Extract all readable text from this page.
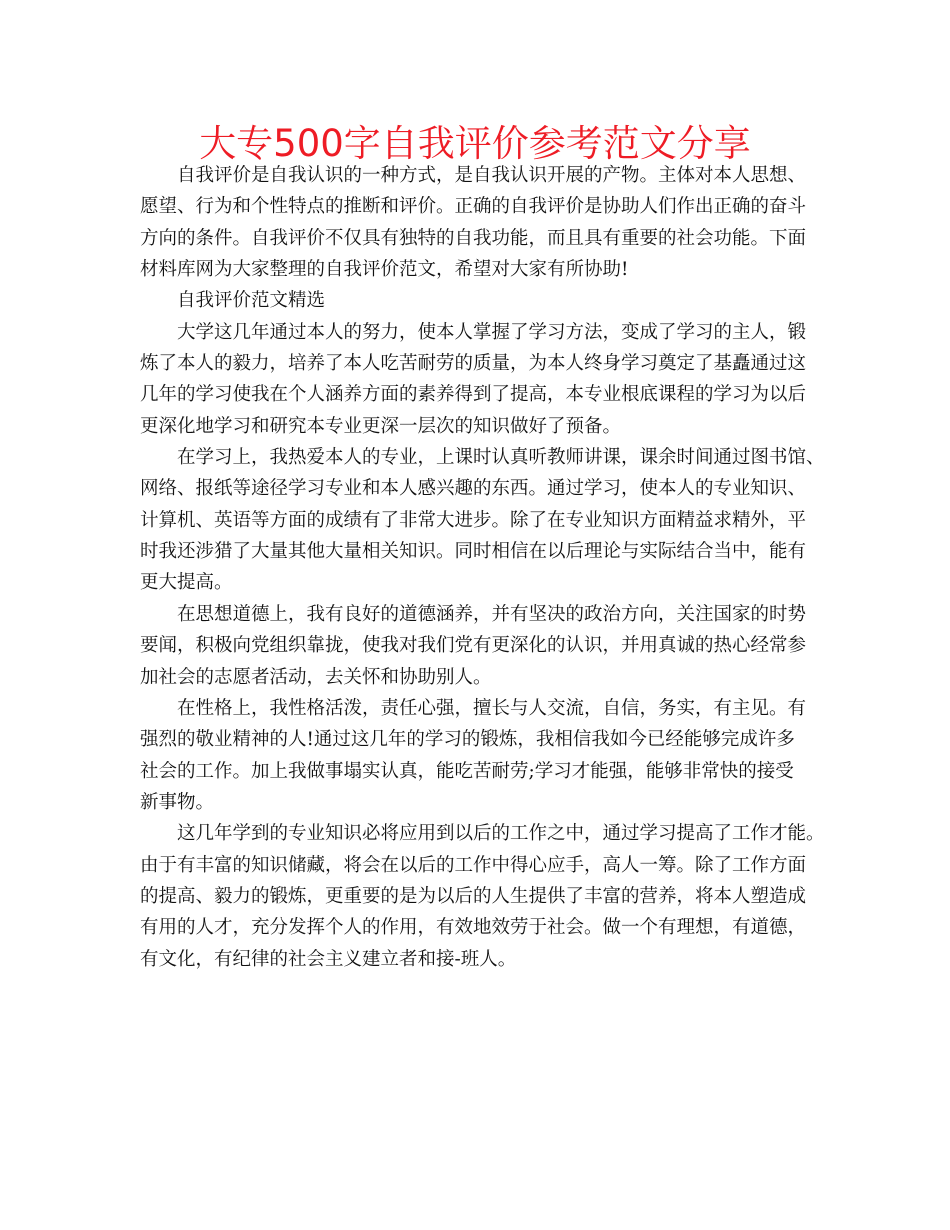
大专500字自我评价参考范文分享
自我评价是自我认识的一种方式，是自我认识开展的产物。主体对本人思想、
愿望、行为和个性特点的推断和评价。正确的自我评价是协助人们作出正确的奋斗
方向的条件。自我评价不仅具有独特的自我功能，而且具有重要的社会功能。下面
材料库网为大家整理的自我评价范文，希望对大家有所协助!
自我评价范文精选
大学这几年通过本人的努力，使本人掌握了学习方法，变成了学习的主人，锻
炼了本人的毅力，培养了本人吃苦耐劳的质量，为本人终身学习奠定了基矗通过这
几年的学习使我在个人涵养方面的素养得到了提高，本专业根底课程的学习为以后
更深化地学习和研究本专业更深一层次的知识做好了预备。
在学习上，我热爱本人的专业，上课时认真听教师讲课，课余时间通过图书馆、
网络、报纸等途径学习专业和本人感兴趣的东西。通过学习，使本人的专业知识、
计算机、英语等方面的成绩有了非常大进步。除了在专业知识方面精益求精外，平
时我还涉猎了大量其他大量相关知识。同时相信在以后理论与实际结合当中，能有
更大提高。
在思想道德上，我有良好的道德涵养，并有坚决的政治方向，关注国家的时势
要闻，积极向党组织靠拢，使我对我们党有更深化的认识，并用真诚的热心经常参
加社会的志愿者活动，去关怀和协助别人。
在性格上，我性格活泼，责任心强，擅长与人交流，自信，务实，有主见。有
强烈的敬业精神的人!通过这几年的学习的锻炼，我相信我如今已经能够完成许多
社会的工作。加上我做事塌实认真，能吃苦耐劳;学习才能强，能够非常快的接受
新事物。
这几年学到的专业知识必将应用到以后的工作之中，通过学习提高了工作才能。
由于有丰富的知识储藏，将会在以后的工作中得心应手，高人一筹。除了工作方面
的提高、毅力的锻炼，更重要的是为以后的人生提供了丰富的营养，将本人塑造成
有用的人才，充分发挥个人的作用，有效地效劳于社会。做一个有理想，有道德，
有文化，有纪律的社会主义建立者和接-班人。
